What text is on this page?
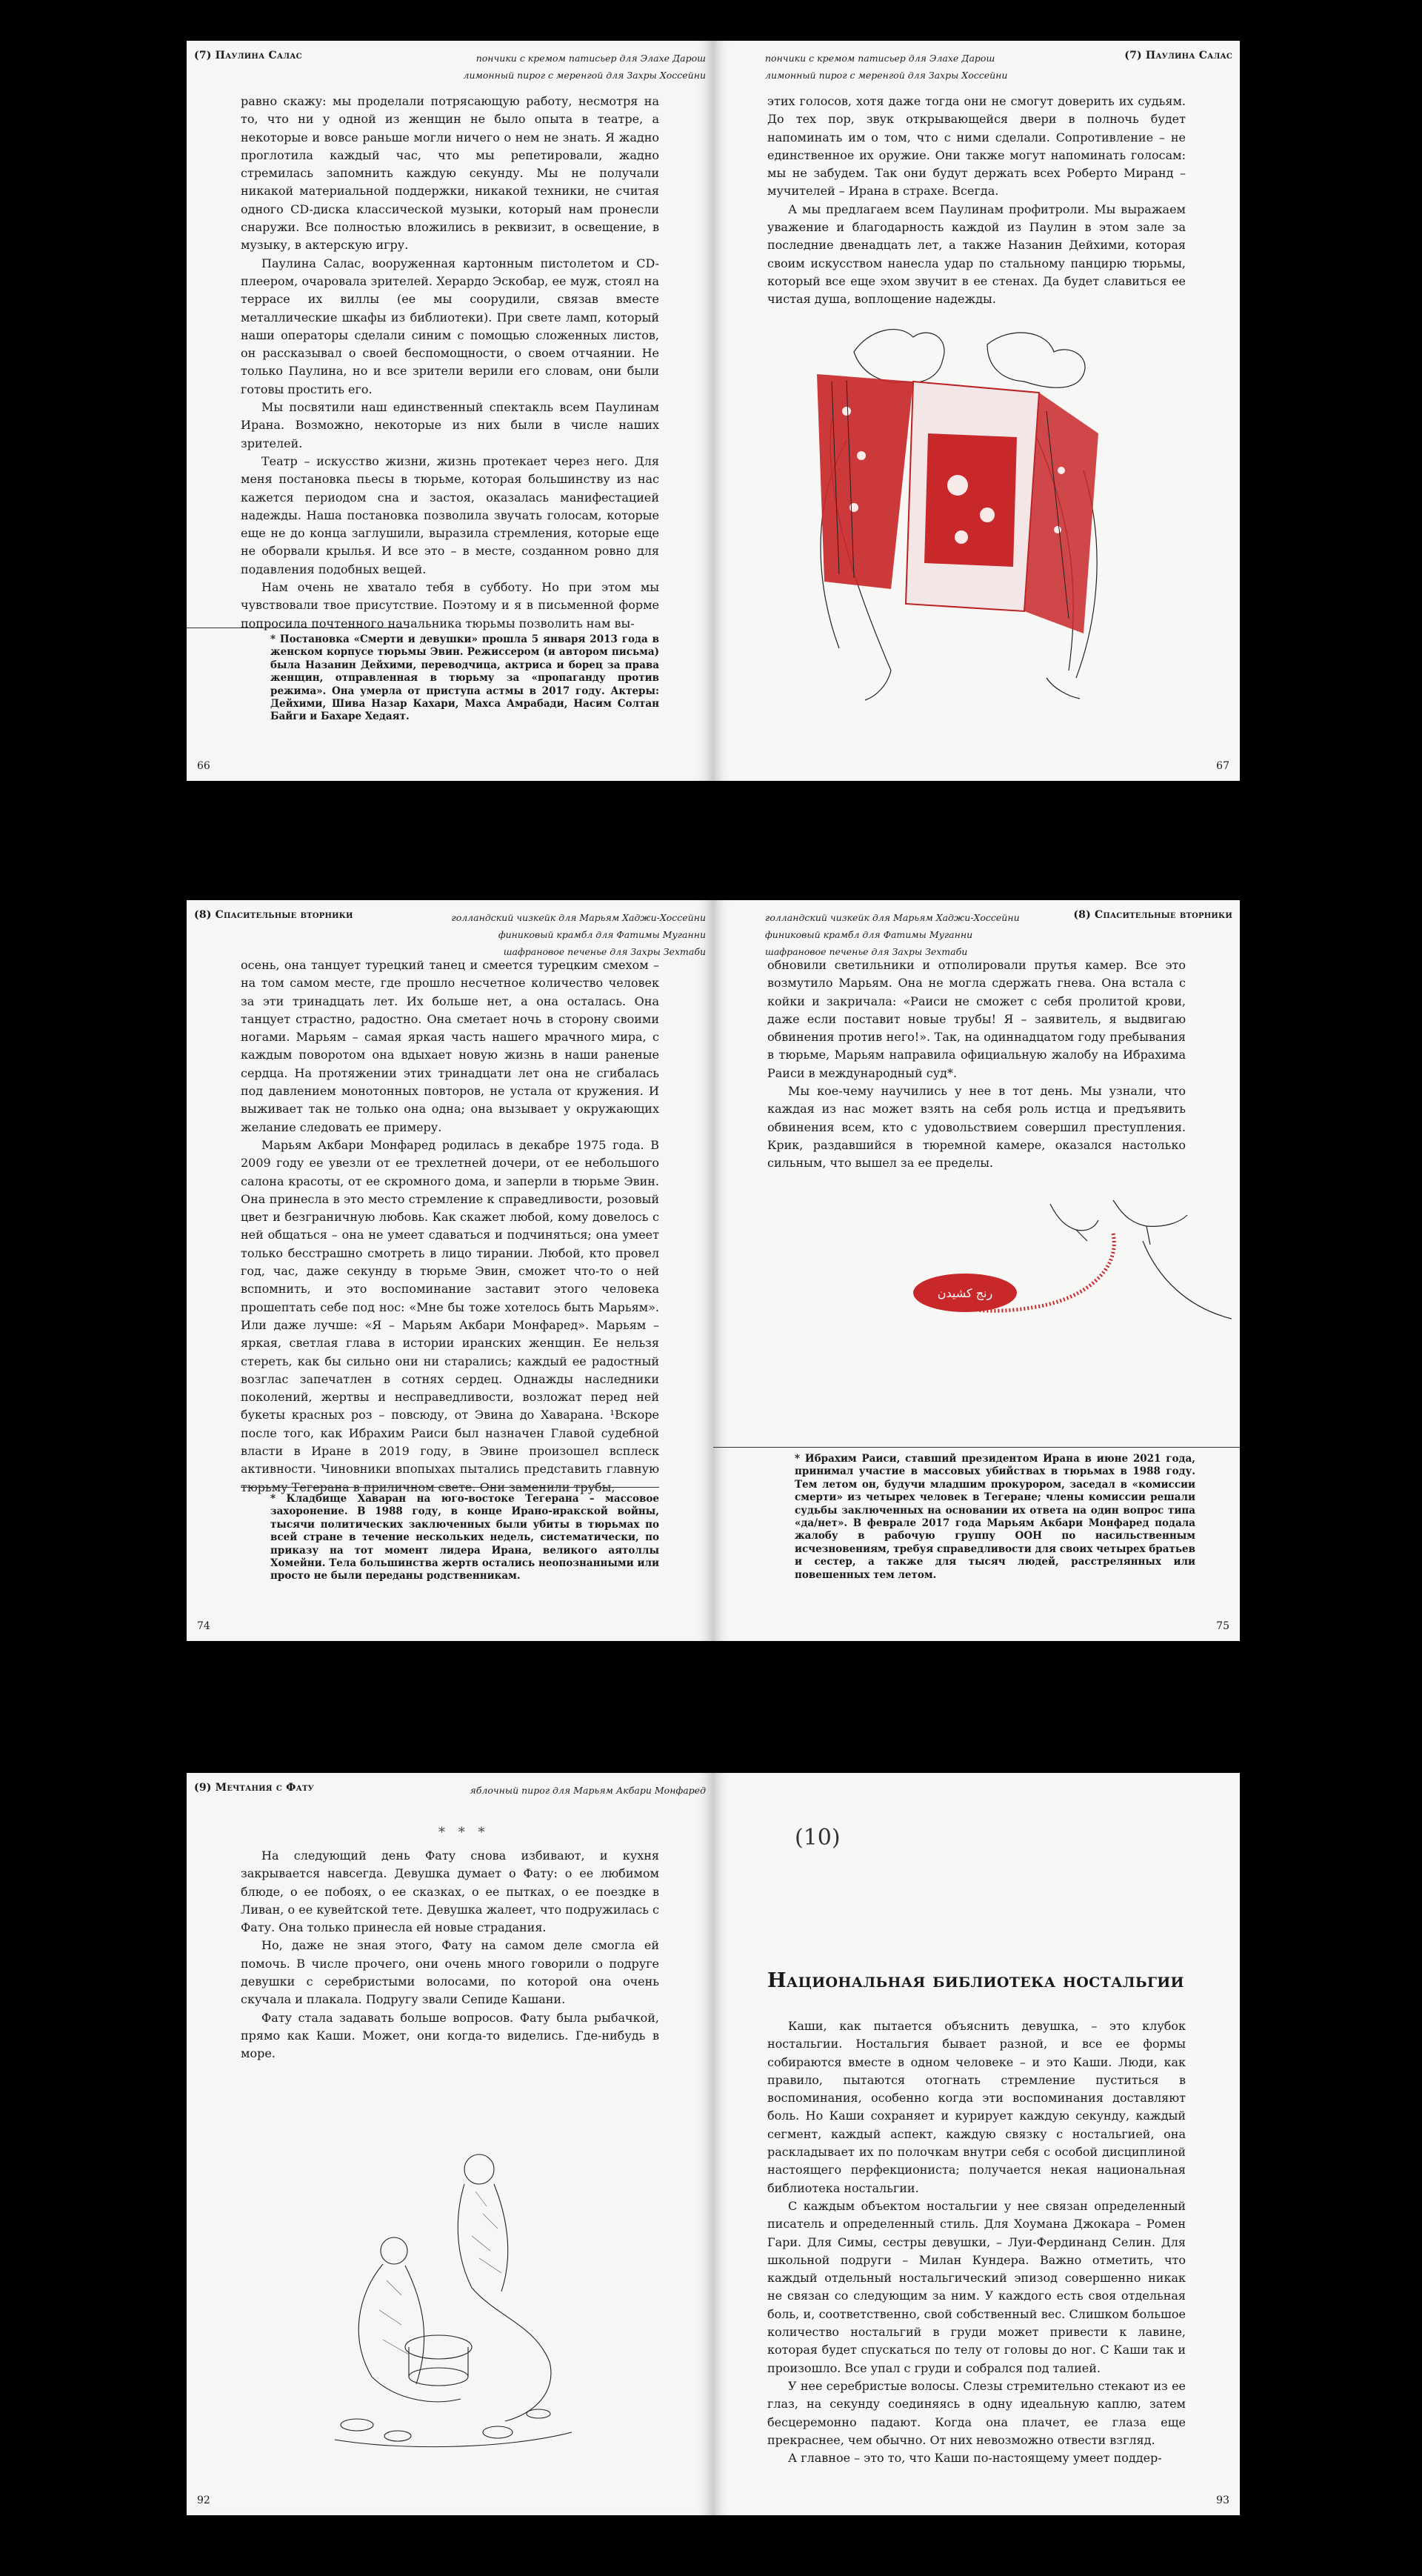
(7) Паулина Салас	пончики с кремом патисьер для Элахе Дарош
лимонный пирог с меренгой для Захры Хоссейни

равно скажу: мы проделали потрясающую работу, несмотря на то, что ни у одной из женщин не было опыта в театре, а некоторые и вовсе раньше могли ничего о нем не знать. Я жадно проглотила каждый час, что мы репетировали, жадно стремилась запомнить каждую секунду. Мы не получали никакой материальной поддержки, никакой техники, не считая одного CD-диска классической музыки, который нам пронесли снаружи. Все полностью вложились в реквизит, в освещение, в музыку, в актерскую игру.

Паулина Салас, вооруженная картонным пистолетом и CD-плеером, очаровала зрителей. Херардо Эскобар, ее муж, стоял на террасе их виллы (ее мы соорудили, связав вместе металлические шкафы из библиотеки). При свете ламп, который наши операторы сделали синим с помощью сложенных листов, он рассказывал о своей беспомощности, о своем отчаянии. Не только Паулина, но и все зрители верили его словам, они были готовы простить его.

Мы посвятили наш единственный спектакль всем Паулинам Ирана. Возможно, некоторые из них были в числе наших зрителей.

Театр – искусство жизни, жизнь протекает через него. Для меня постановка пьесы в тюрьме, которая большинству из нас кажется периодом сна и застоя, оказалась манифестацией надежды. Наша постановка позволила звучать голосам, которые еще не до конца заглушили, выразила стремления, которые еще не оборвали крылья. И все это – в месте, созданном ровно для подавления подобных вещей.

Нам очень не хватало тебя в субботу. Но при этом мы чувствовали твое присутствие. Поэтому и я в письменной форме попросила почтенного начальника тюрьмы позволить нам вы-

* Постановка «Смерти и девушки» прошла 5 января 2013 года в женском корпусе тюрьмы Эвин. Режиссером (и автором письма) была Назанин Дейхими, переводчица, актриса и борец за права женщин, отправленная в тюрьму за «пропаганду против режима». Она умерла от приступа астмы в 2017 году. Актеры: Дейхими, Шива Назар Кахари, Махса Амрабади, Насим Солтан Байги и Бахаре Хедаят.
66
пончики с кремом патисьер для Элахе Дарош
лимонный пирог с меренгой для Захры Хоссейни
(7) Паулина Салас

этих голосов, хотя даже тогда они не смогут доверить их судьям. До тех пор, звук открывающейся двери в полночь будет напоминать им о том, что с ними сделали. Сопротивление – не единственное их оружие. Они также могут напоминать голосам: мы не забудем. Так они будут держать всех Роберто Миранд – мучителей – Ирана в страхе. Всегда.

А мы предлагаем всем Паулинам профитроли. Мы выражаем уважение и благодарность каждой из Паулин в этом зале за последние двенадцать лет, а также Назанин Дейхими, которая своим искусством нанесла удар по стальному панцирю тюрьмы, который все еще эхом звучит в ее стенах. Да будет славиться ее чистая душа, воплощение надежды.

67
(8) Спасительные вторники	голландский чизкейк для Марьям Хаджи-Хоссейни
финиковый крамбл для Фатимы Муганни
шафрановое печенье для Захры Зехтаби

осень, она танцует турецкий танец и смеется турецким смехом – на том самом месте, где прошло несчетное количество человек за эти тринадцать лет. Их больше нет, а она осталась. Она танцует страстно, радостно. Она сметает ночь в сторону своими ногами. Марьям – самая яркая часть нашего мрачного мира, с каждым поворотом она вдыхает новую жизнь в наши раненые сердца. На протяжении этих тринадцати лет она не сгибалась под давлением монотонных повторов, не устала от кружения. И выживает так не только она одна; она вызывает у окружающих желание следовать ее примеру.

Марьям Акбари Монфаред родилась в декабре 1975 года. В 2009 году ее увезли от ее трехлетней дочери, от ее небольшого салона красоты, от ее скромного дома, и заперли в тюрьме Эвин. Она принесла в это место стремление к справедливости, розовый цвет и безграничную любовь. Как скажет любой, кому довелось с ней общаться – она не умеет сдаваться и подчиняться; она умеет только бесстрашно смотреть в лицо тирании. Любой, кто провел год, час, даже секунду в тюрьме Эвин, сможет что-то о ней вспомнить, и это воспоминание заставит этого человека прошептать себе под нос: «Мне бы тоже хотелось быть Марьям». Или даже лучше: «Я – Марьям Акбари Монфаред». Марьям – яркая, светлая глава в истории иранских женщин. Ее нельзя стереть, как бы сильно они ни старались; каждый ее радостный возглас запечатлен в сотнях сердец. Однажды наследники поколений, жертвы и несправедливости, возложат перед ней букеты красных роз – повсюду, от Эвина до Хаварана. ¹Вскоре после того, как Ибрахим Раиси был назначен Главой судебной власти в Иране в 2019 году, в Эвине произошел всплеск активности. Чиновники впопыхах пытались представить главную тюрьму Тегерана в приличном свете. Они заменили трубы,

* Кладбище Хаваран на юго-востоке Тегерана – массовое захоронение. В 1988 году, в конце Ирано-иракской войны, тысячи политических заключенных были убиты в тюрьмах по всей стране в течение нескольких недель, систематически, по приказу на тот момент лидера Ирана, великого аятоллы Хомейни. Тела большинства жертв остались неопознанными или просто не были переданы родственникам.
74
голландский чизкейк для Марьям Хаджи-Хоссейни
финиковый крамбл для Фатимы Муганни
шафрановое печенье для Захры Зехтаби
(8) Спасительные вторники

обновили светильники и отполировали прутья камер. Все это возмутило Марьям. Она не могла сдержать гнева. Она встала с койки и закричала: «Раиси не сможет с себя пролитой крови, даже если поставит новые трубы! Я – заявитель, я выдвигаю обвинения против него!». Так, на одиннадцатом году пребывания в тюрьме, Марьям направила официальную жалобу на Ибрахима Раиси в международный суд*.

Мы кое-чему научились у нее в тот день. Мы узнали, что каждая из нас может взять на себя роль истца и предъявить обвинения всем, кто с удовольствием совершил преступления. Крик, раздавшийся в тюремной камере, оказался настолько сильным, что вышел за ее пределы.

رنج کشیدن
* Ибрахим Раиси, ставший президентом Ирана в июне 2021 года, принимал участие в массовых убийствах в тюрьмах в 1988 году. Тем летом он, будучи младшим прокурором, заседал в «комиссии смерти» из четырех человек в Тегеране; члены комиссии решали судьбы заключенных на основании их ответа на один вопрос типа «да/нет». В феврале 2017 года Марьям Акбари Монфаред подала жалобу в рабочую группу ООН по насильственным исчезновениям, требуя справедливости для своих четырех братьев и сестер, а также для тысяч людей, расстрелянных или повешенных тем летом.
75
(9) Мечтания с Фату	яблочный пирог для Марьям Акбари Монфаред
* * *

На следующий день Фату снова избивают, и кухня закрывается навсегда. Девушка думает о Фату: о ее любимом блюде, о ее побоях, о ее сказках, о ее пытках, о ее поездке в Ливан, о ее кувейтской тете. Девушка жалеет, что подружилась с Фату. Она только принесла ей новые страдания.

Но, даже не зная этого, Фату на самом деле смогла ей помочь. В числе прочего, они очень много говорили о подруге девушки с серебристыми волосами, по которой она очень скучала и плакала. Подругу звали Сепиде Кашани.

Фату стала задавать больше вопросов. Фату была рыбачкой, прямо как Каши. Может, они когда-то виделись. Где-нибудь в море.

92
(10)
Национальная библиотека ностальгии

Каши, как пытается объяснить девушка, – это клубок ностальгии. Ностальгия бывает разной, и все ее формы собираются вместе в одном человеке – и это Каши. Люди, как правило, пытаются отогнать стремление пуститься в воспоминания, особенно когда эти воспоминания доставляют боль. Но Каши сохраняет и курирует каждую секунду, каждый сегмент, каждый аспект, каждую связку с ностальгией, она раскладывает их по полочкам внутри себя с особой дисциплиной настоящего перфекциониста; получается некая национальная библиотека ностальгии.

С каждым объектом ностальгии у нее связан определенный писатель и определенный стиль. Для Хоумана Джокара – Ромен Гари. Для Симы, сестры девушки, – Луи-Фердинанд Селин. Для школьной подруги – Милан Кундера. Важно отметить, что каждый отдельный ностальгический эпизод совершенно никак не связан со следующим за ним. У каждого есть своя отдельная боль, и, соответственно, свой собственный вес. Слишком большое количество ностальгий в груди может привести к лавине, которая будет спускаться по телу от головы до ног. С Каши так и произошло. Все упал с груди и собрался под талией.

У нее серебристые волосы. Слезы стремительно стекают из ее глаз, на секунду соединяясь в одну идеальную каплю, затем бесцеремонно падают. Когда она плачет, ее глаза еще прекраснее, чем обычно. От них невозможно отвести взгляд.

А главное – это то, что Каши по-настоящему умеет поддер-

93
